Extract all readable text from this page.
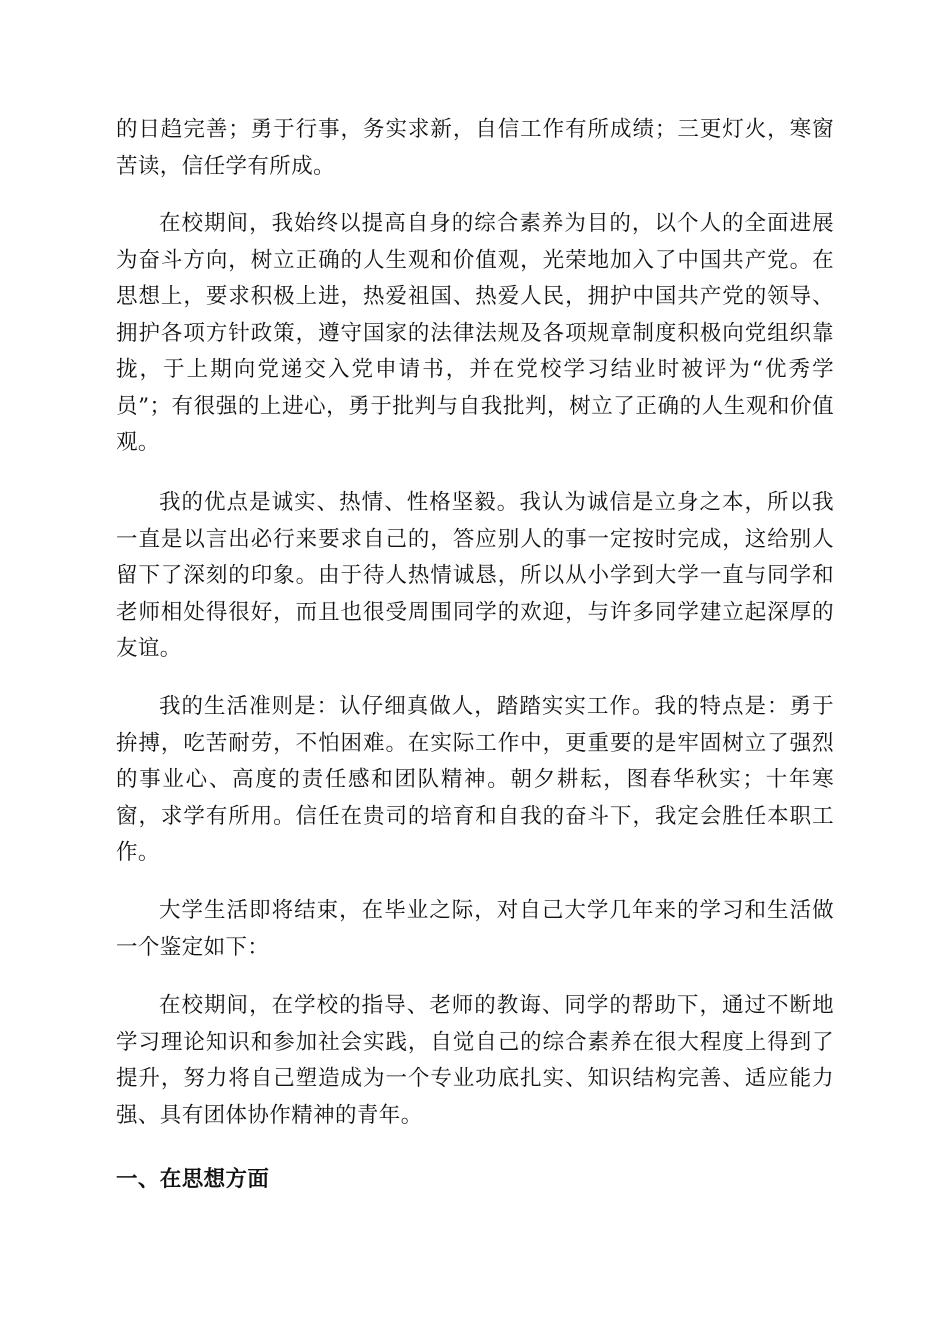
的日趋完善；勇于行事，务实求新，自信工作有所成绩；三更灯火，寒窗苦读，信任学有所成。

在校期间，我始终以提高自身的综合素养为目的，以个人的全面进展为奋斗方向，树立正确的人生观和价值观，光荣地加入了中国共产党。在思想上，要求积极上进，热爱祖国、热爱人民，拥护中国共产党的领导、拥护各项方针政策，遵守国家的法律法规及各项规章制度积极向党组织靠拢，于上期向党递交入党申请书，并在党校学习结业时被评为“优秀学员”；有很强的上进心，勇于批判与自我批判，树立了正确的人生观和价值观。

我的优点是诚实、热情、性格坚毅。我认为诚信是立身之本，所以我一直是以言出必行来要求自己的，答应别人的事一定按时完成，这给别人留下了深刻的印象。由于待人热情诚恳，所以从小学到大学一直与同学和老师相处得很好，而且也很受周围同学的欢迎，与许多同学建立起深厚的友谊。

我的生活准则是：认仔细真做人，踏踏实实工作。我的特点是：勇于拚搏，吃苦耐劳，不怕困难。在实际工作中，更重要的是牢固树立了强烈的事业心、高度的责任感和团队精神。朝夕耕耘，图春华秋实；十年寒窗，求学有所用。信任在贵司的培育和自我的奋斗下，我定会胜任本职工作。

大学生活即将结束，在毕业之际，对自己大学几年来的学习和生活做一个鉴定如下：

在校期间，在学校的指导、老师的教诲、同学的帮助下，通过不断地学习理论知识和参加社会实践，自觉自己的综合素养在很大程度上得到了提升，努力将自己塑造成为一个专业功底扎实、知识结构完善、适应能力强、具有团体协作精神的青年。

一、在思想方面
